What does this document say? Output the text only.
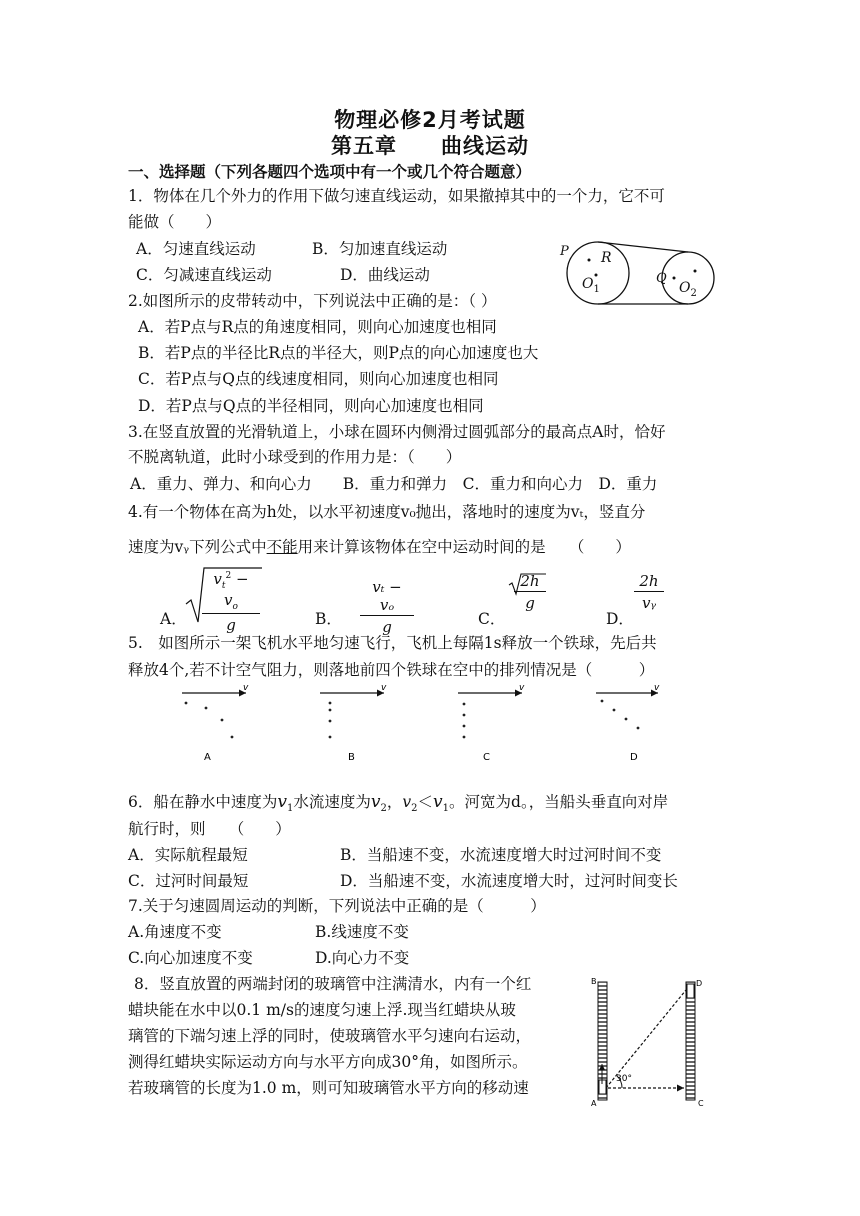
物理必修2月考试题
第五章　　曲线运动
一、选择题（下列各题四个选项中有一个或几个符合题意）
1．物体在几个外力的作用下做匀速直线运动，如果撤掉其中的一个力，它不可
能做（　　）
A．匀速直线运动	B．匀加速直线运动
C．匀减速直线运动	D．曲线运动
P R
$O_1$
Q
$O_2$
2.如图所示的皮带转动中，下列说法中正确的是：（ ）
A．若P点与R点的角速度相同，则向心加速度也相同
B．若P点的半径比R点的半径大，则P点的向心加速度也大
C．若P点与Q点的线速度相同，则向心加速度也相同
D．若P点与Q点的半径相同，则向心加速度也相同
3.在竖直放置的光滑轨道上，小球在圆环内侧滑过圆弧部分的最高点A时，恰好
不脱离轨道，此时小球受到的作用力是：（　　）
A．重力、弹力、和向心力　　B．重力和弹力　C．重力和向心力　D．重力
4.有一个物体在高为h处，以水平初速度v₀抛出，落地时的速度为vₜ，竖直分
速度为vᵧ下列公式中不能用来计算该物体在空中运动时间的是　　（　　）
A． $\frac{v_t^2 - v_o}{g}$	B． $\frac{\text{vₜ − vₒ}}{g}$	C．
$\frac{2h}{g}$
D．
$\frac{2h}{\text{vᵧ}}$
5.　如图所示一架飞机水平地匀速飞行，飞机上每隔1s释放一个铁球，先后共
释放4个,若不计空气阻力，则落地前四个铁球在空中的排列情况是（　　　）
v
A
v
B
v
C
v
D
6．船在静水中速度为$v_1$水流速度为$v_2$，$v_2<v_1$。河宽为d。，当船头垂直向对岸
航行时，则　　（　　）
A．实际航程最短	B．当船速不变，水流速度增大时过河时间不变
C．过河时间最短	D．当船速不变，水流速度增大时，过河时间变长
7.关于匀速圆周运动的判断，下列说法中正确的是（　　　）
A.角速度不变	B.线速度不变
C.向心加速度不变	D.向心力不变
8．竖直放置的两端封闭的玻璃管中注满清水，内有一个红
蜡块能在水中以0.1 m/s的速度匀速上浮.现当红蜡块从玻
璃管的下端匀速上浮的同时，使玻璃管水平匀速向右运动，
测得红蜡块实际运动方向与水平方向成30°角，如图所示。
若玻璃管的长度为1.0 m，则可知玻璃管水平方向的移动速	30°
B	D
A	C
